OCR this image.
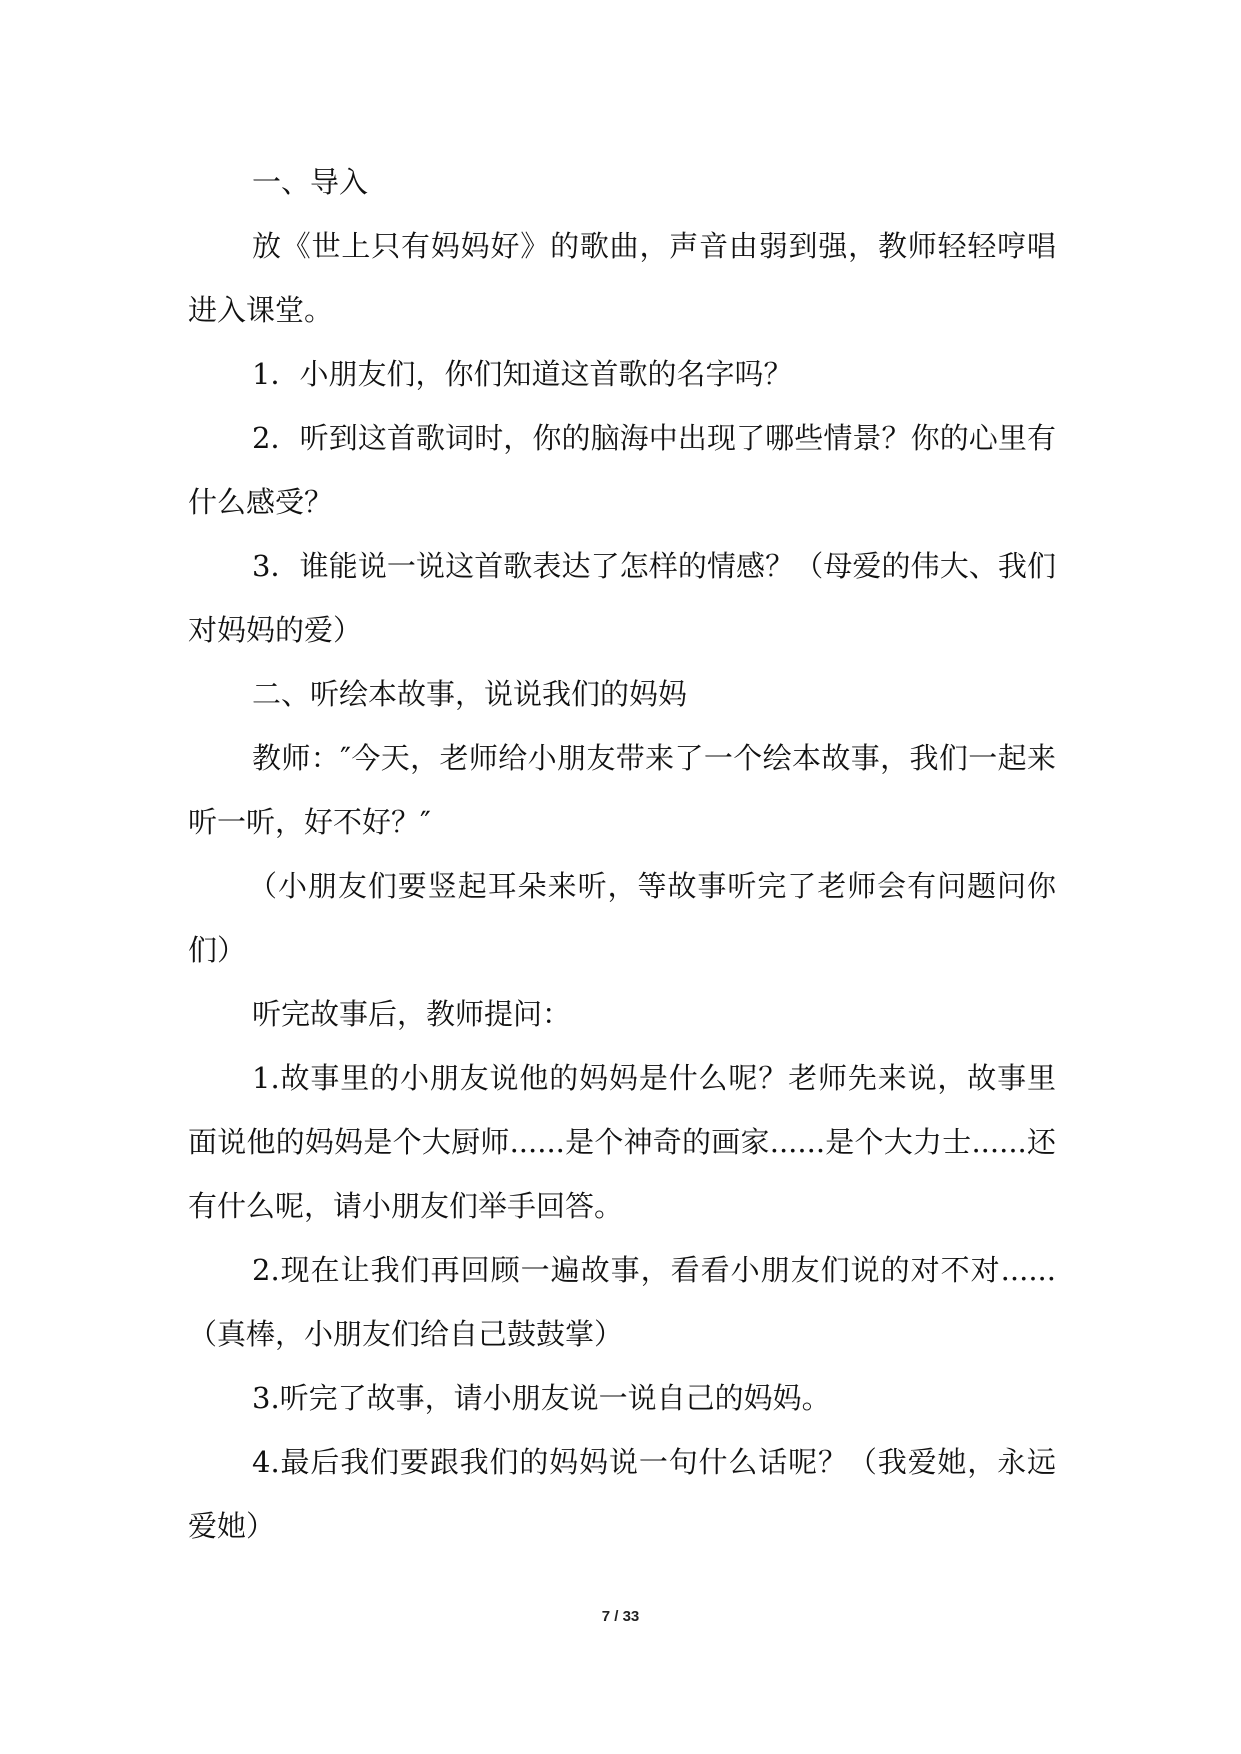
一、导入

放《世上只有妈妈好》的歌曲，声音由弱到强，教师轻轻哼唱进入课堂。

1．小朋友们，你们知道这首歌的名字吗？

2．听到这首歌词时，你的脑海中出现了哪些情景？你的心里有什么感受？

3．谁能说一说这首歌表达了怎样的情感？（母爱的伟大、我们对妈妈的爱）

二、听绘本故事，说说我们的妈妈

教师：″今天，老师给小朋友带来了一个绘本故事，我们一起来听一听，好不好？″

（小朋友们要竖起耳朵来听，等故事听完了老师会有问题问你们）

听完故事后，教师提问：

1.故事里的小朋友说他的妈妈是什么呢？老师先来说，故事里面说他的妈妈是个大厨师......是个神奇的画家......是个大力士......还有什么呢，请小朋友们举手回答。

2.现在让我们再回顾一遍故事，看看小朋友们说的对不对......（真棒，小朋友们给自己鼓鼓掌）

3.听完了故事，请小朋友说一说自己的妈妈。

4.最后我们要跟我们的妈妈说一句什么话呢？（我爱她，永远爱她）

7 / 33
